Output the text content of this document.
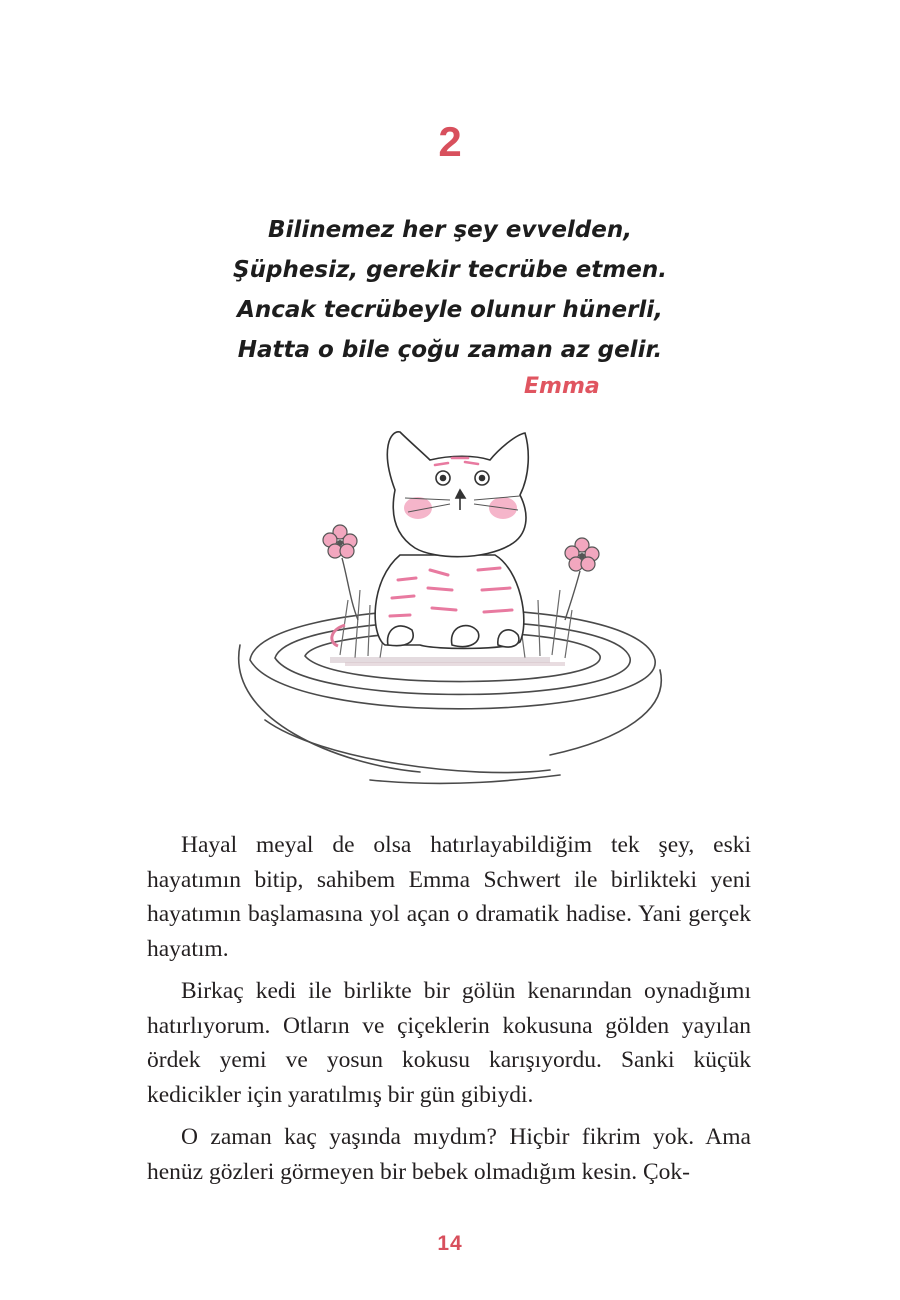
2
Bilinemez her şey evvelden,
Şüphesiz, gerekir tecrübe etmen.
Ancak tecrübeyle olunur hünerli,
Hatta o bile çoğu zaman az gelir.
Emma

Hayal meyal de olsa hatırlayabildiğim tek şey, eski hayatımın bitip, sahibem Emma Schwert ile birlikteki yeni hayatımın başlamasına yol açan o dramatik hadise. Yani gerçek hayatım.

Birkaç kedi ile birlikte bir gölün kenarından oynadığımı hatırlıyorum. Otların ve çiçeklerin kokusuna gölden yayılan ördek yemi ve yosun kokusu karışıyordu. Sanki küçük kedicikler için yaratılmış bir gün gibiydi.

O zaman kaç yaşında mıydım? Hiçbir fikrim yok. Ama henüz gözleri görmeyen bir bebek olmadığım kesin. Çok-

14
